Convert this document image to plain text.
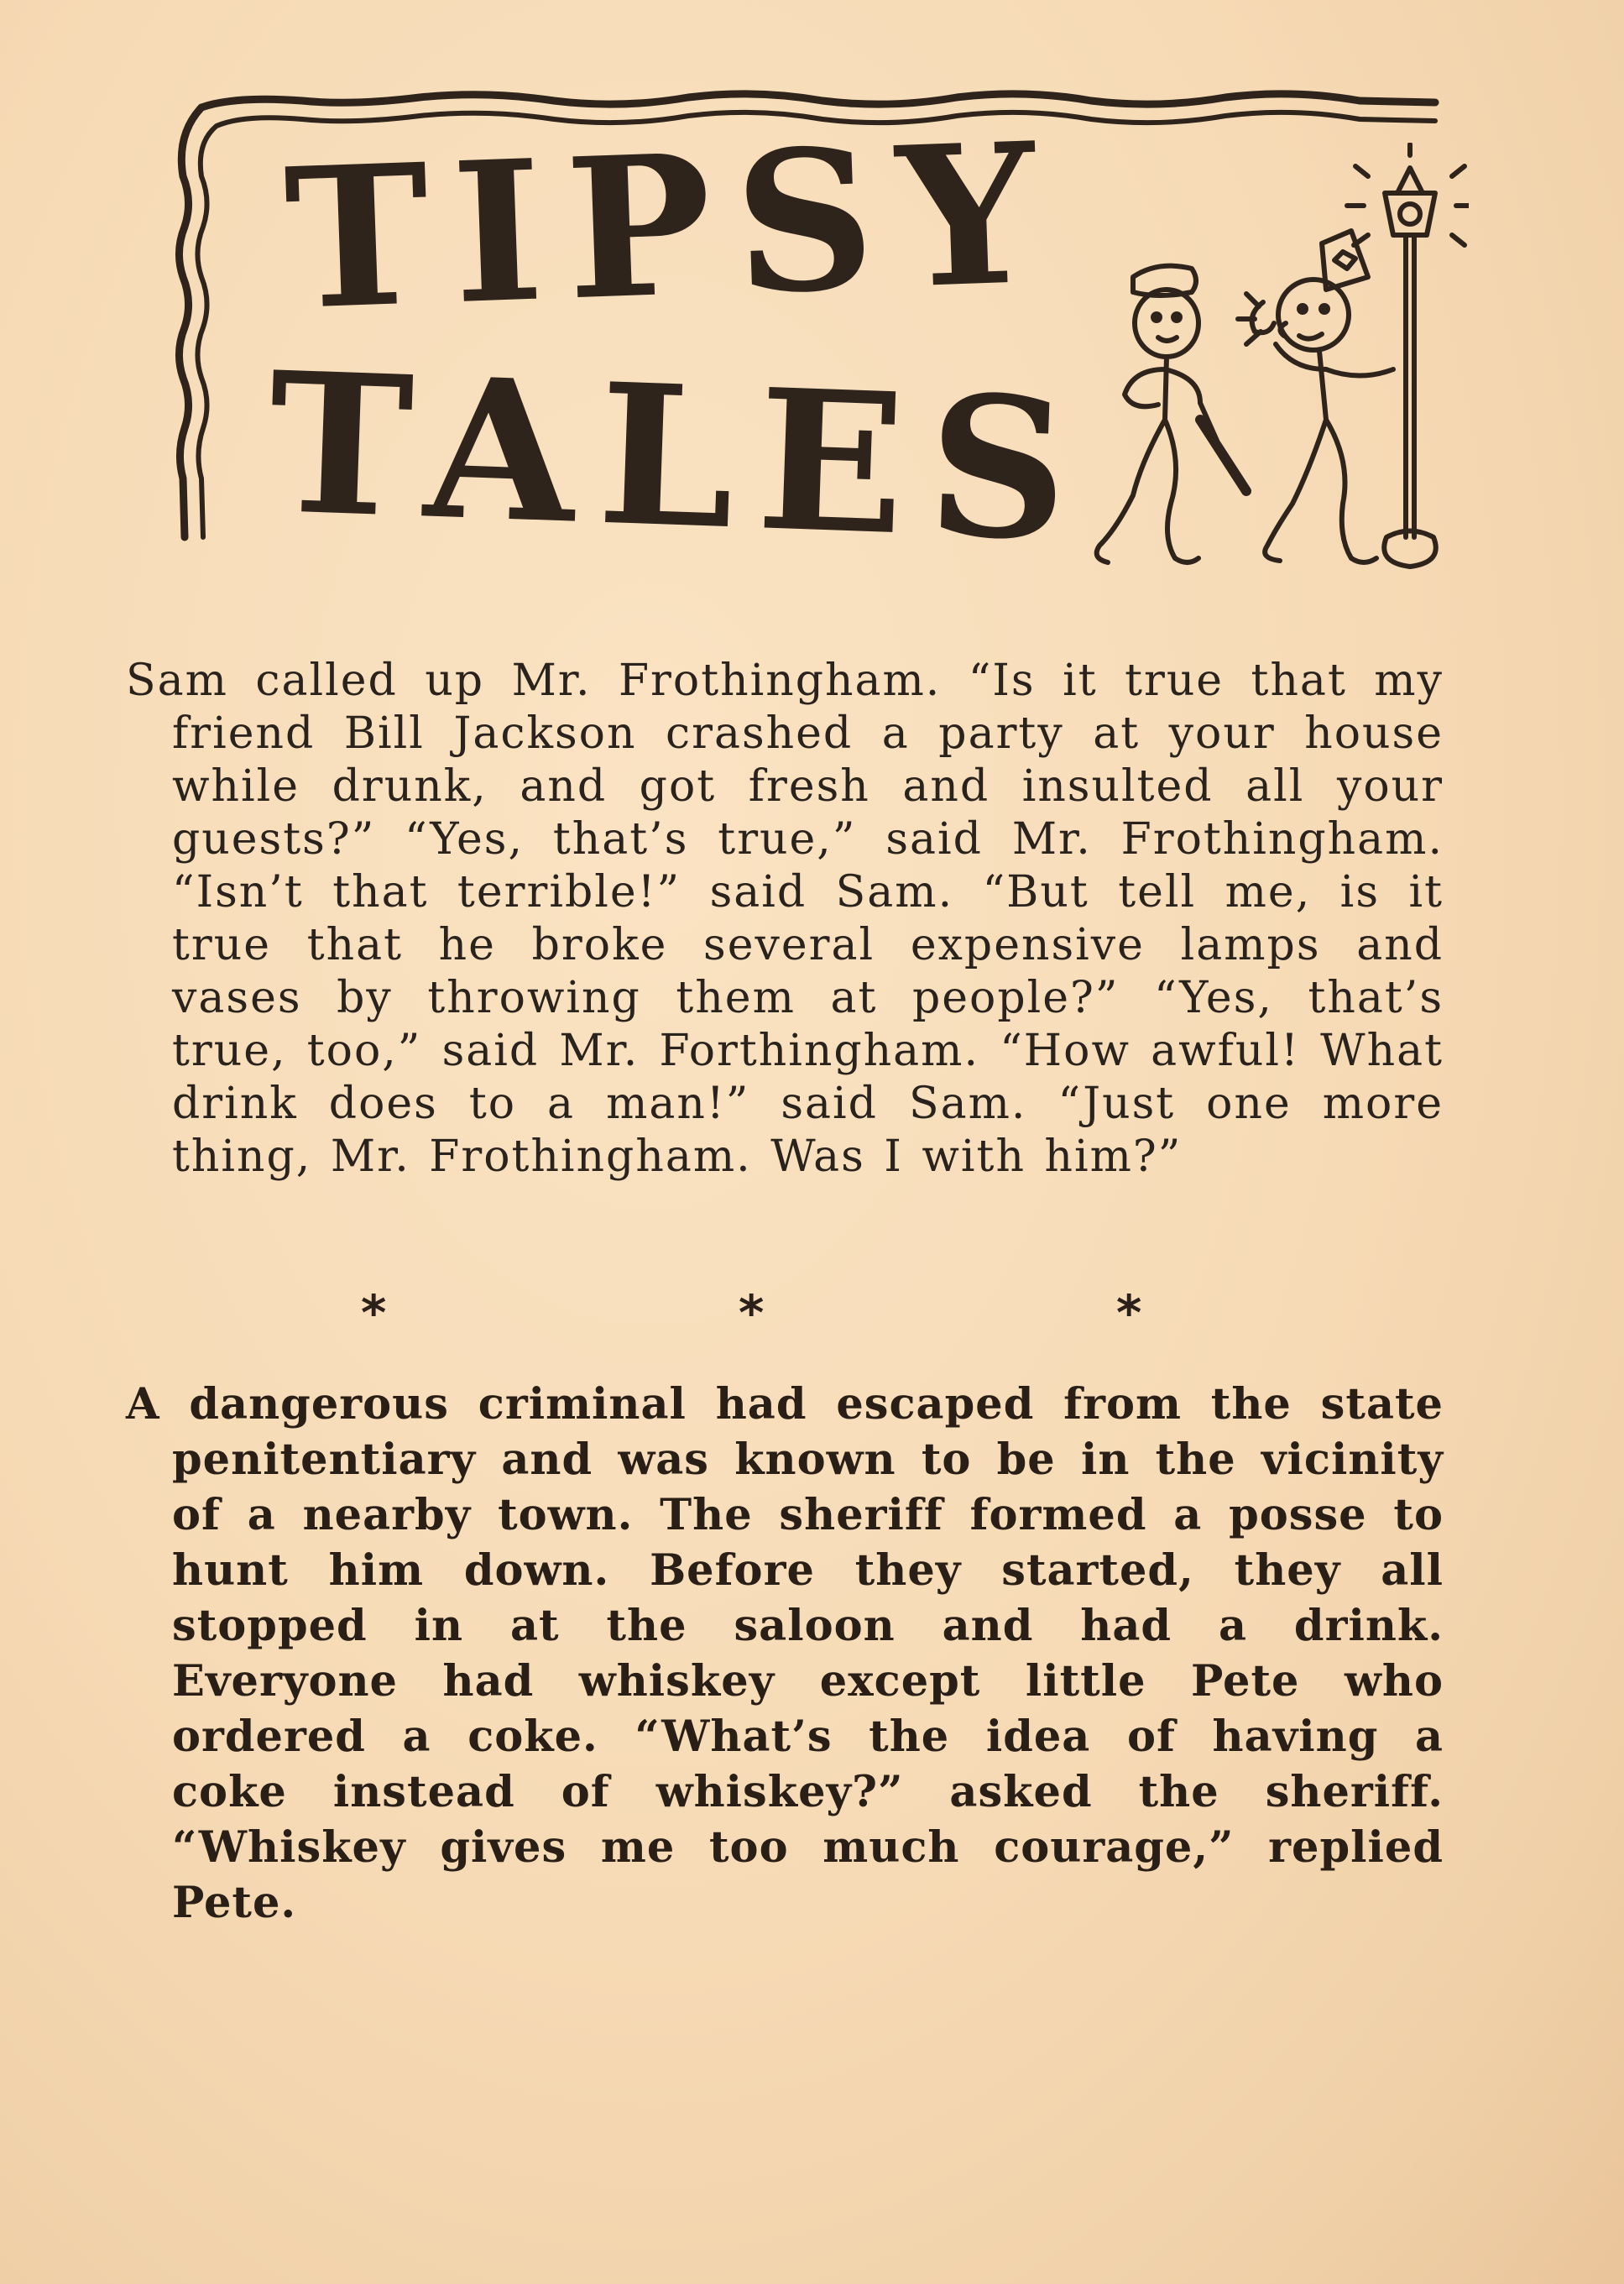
TIPSY
TALES

Sam called up Mr. Frothingham. “Is it true that my friend Bill Jackson crashed a party at your house while drunk, and got fresh and insulted all your guests?” “Yes, that’s true,” said Mr. Frothingham. “Isn’t that terrible!” said Sam. “But tell me, is it true that he broke several expensive lamps and vases by throwing them at people?” “Yes, that’s true, too,” said Mr. Forthingham. “How awful! What drink does to a man!” said Sam. “Just one more thing, Mr. Frothingham. Was I with him?”

*	*	*

A dangerous criminal had escaped from the state penitentiary and was known to be in the vicinity of a nearby town. The sheriff formed a posse to hunt him down. Before they started, they all stopped in at the saloon and had a drink. Everyone had whiskey except little Pete who ordered a coke. “What’s the idea of having a coke instead of whiskey?” asked the sheriff. “Whiskey gives me too much courage,” replied Pete.
